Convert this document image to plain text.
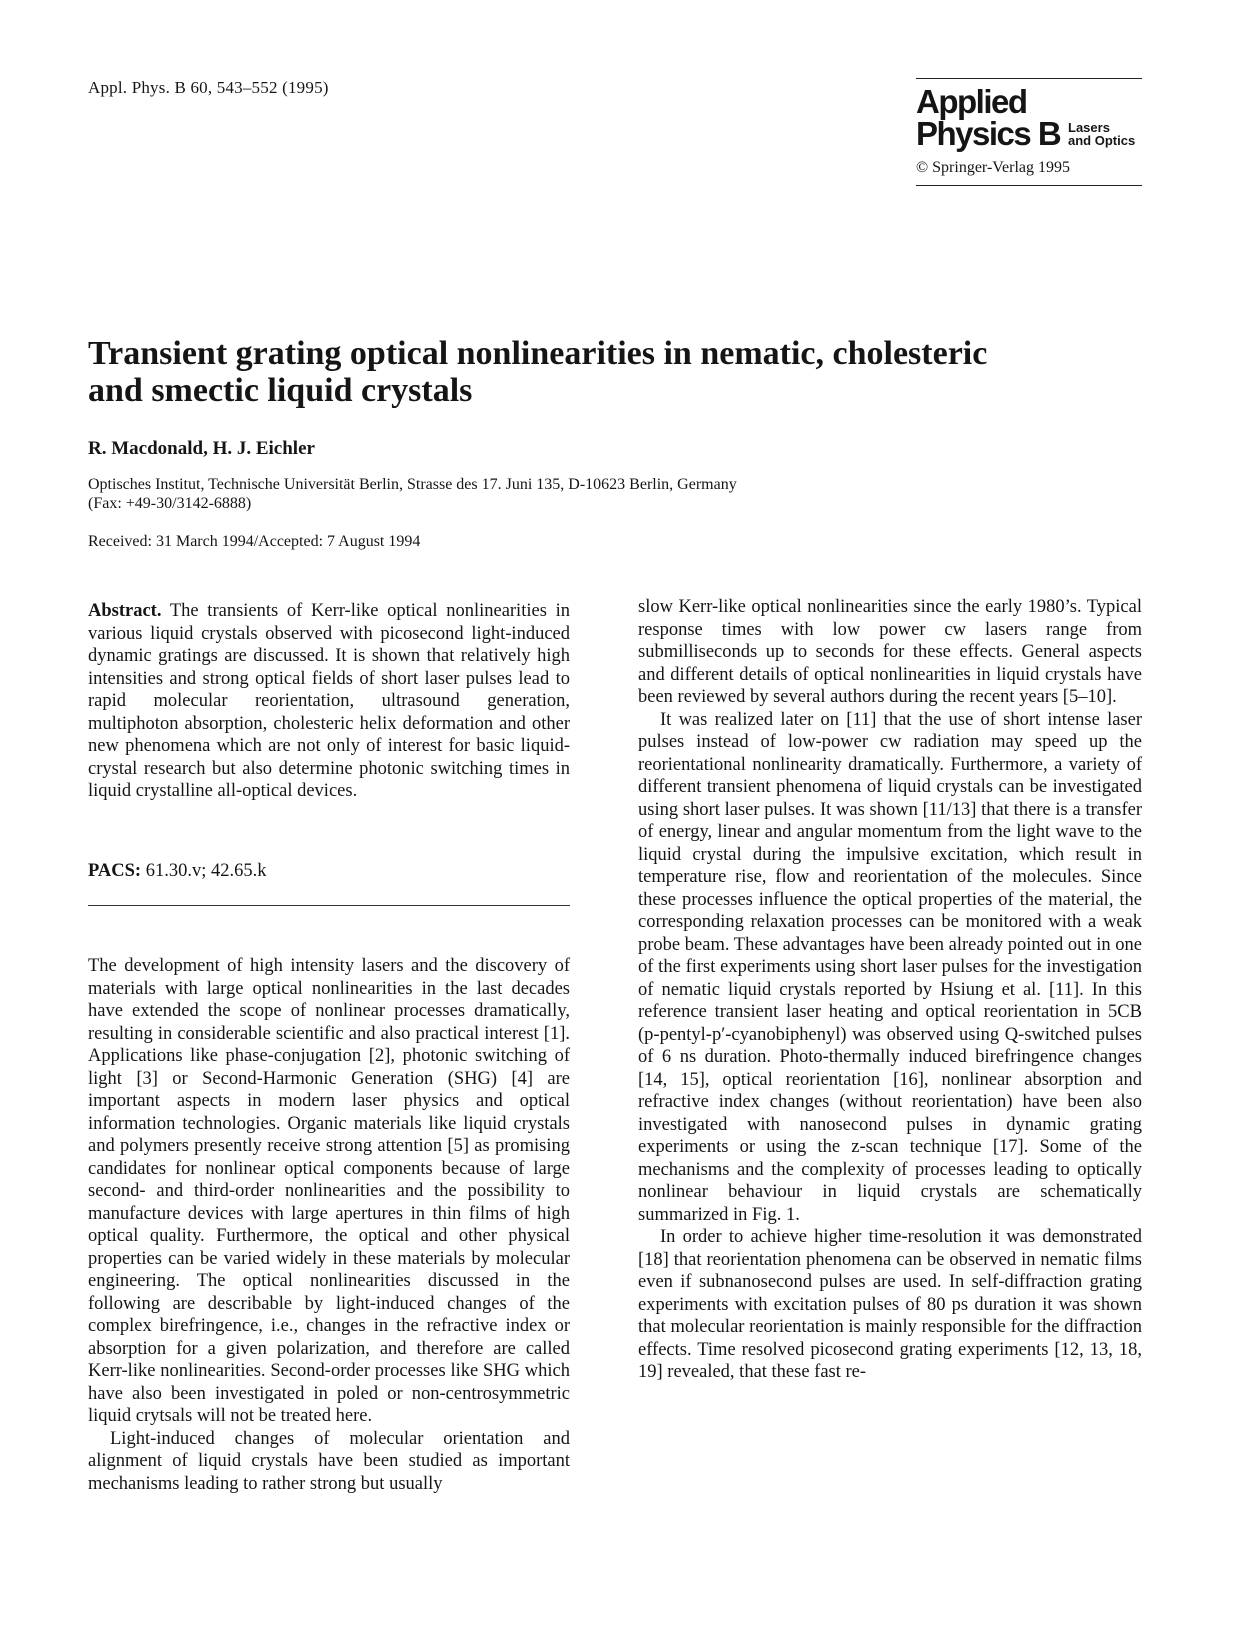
Appl. Phys. B 60, 543–552 (1995)	Applied
Physics B Lasers
and Optics
© Springer-Verlag 1995
Transient grating optical nonlinearities in nematic, cholesteric and smectic liquid crystals
R. Macdonald, H. J. Eichler
Optisches Institut, Technische Universität Berlin, Strasse des 17. Juni 135, D-10623 Berlin, Germany
(Fax: +49-30/3142-6888)
Received: 31 March 1994/Accepted: 7 August 1994

Abstract. The transients of Kerr-like optical nonlinearities in various liquid crystals observed with picosecond light-induced dynamic gratings are discussed. It is shown that relatively high intensities and strong optical fields of short laser pulses lead to rapid molecular reorientation, ultrasound generation, multiphoton absorption, cholesteric helix deformation and other new phenomena which are not only of interest for basic liquid-crystal research but also determine photonic switching times in liquid crystalline all-optical devices.

PACS: 61.30.v; 42.65.k

The development of high intensity lasers and the discovery of materials with large optical nonlinearities in the last decades have extended the scope of nonlinear processes dramatically, resulting in considerable scientific and also practical interest [1]. Applications like phase-conjugation [2], photonic switching of light [3] or Second-Harmonic Generation (SHG) [4] are important aspects in modern laser physics and optical information technologies. Organic materials like liquid crystals and polymers presently receive strong attention [5] as promising candidates for nonlinear optical components because of large second- and third-order nonlinearities and the possibility to manufacture devices with large apertures in thin films of high optical quality. Furthermore, the optical and other physical properties can be varied widely in these materials by molecular engineering. The optical nonlinearities discussed in the following are describable by light-induced changes of the complex birefringence, i.e., changes in the refractive index or absorption for a given polarization, and therefore are called Kerr-like nonlinearities. Second-order processes like SHG which have also been investigated in poled or non-centrosymmetric liquid crytsals will not be treated here.

Light-induced changes of molecular orientation and alignment of liquid crystals have been studied as important mechanisms leading to rather strong but usually

slow Kerr-like optical nonlinearities since the early 1980’s. Typical response times with low power cw lasers range from submilliseconds up to seconds for these effects. General aspects and different details of optical nonlinearities in liquid crystals have been reviewed by several authors during the recent years [5–10].

It was realized later on [11] that the use of short intense laser pulses instead of low-power cw radiation may speed up the reorientational nonlinearity dramatically. Furthermore, a variety of different transient phenomena of liquid crystals can be investigated using short laser pulses. It was shown [11/13] that there is a transfer of energy, linear and angular momentum from the light wave to the liquid crystal during the impulsive excitation, which result in temperature rise, flow and reorientation of the molecules. Since these processes influence the optical properties of the material, the corresponding relaxation processes can be monitored with a weak probe beam. These advantages have been already pointed out in one of the first experiments using short laser pulses for the investigation of nematic liquid crystals reported by Hsiung et al. [11]. In this reference transient laser heating and optical reorientation in 5CB (p-pentyl-p′-cyanobiphenyl) was observed using Q-switched pulses of 6 ns duration. Photo-thermally induced birefringence changes [14, 15], optical reorientation [16], nonlinear absorption and refractive index changes (without reorientation) have been also investigated with nanosecond pulses in dynamic grating experiments or using the z-scan technique [17]. Some of the mechanisms and the complexity of processes leading to optically nonlinear behaviour in liquid crystals are schematically summarized in Fig. 1.

In order to achieve higher time-resolution it was demonstrated [18] that reorientation phenomena can be observed in nematic films even if subnanosecond pulses are used. In self-diffraction grating experiments with excitation pulses of 80 ps duration it was shown that molecular reorientation is mainly responsible for the diffraction effects. Time resolved picosecond grating experiments [12, 13, 18, 19] revealed, that these fast re-
